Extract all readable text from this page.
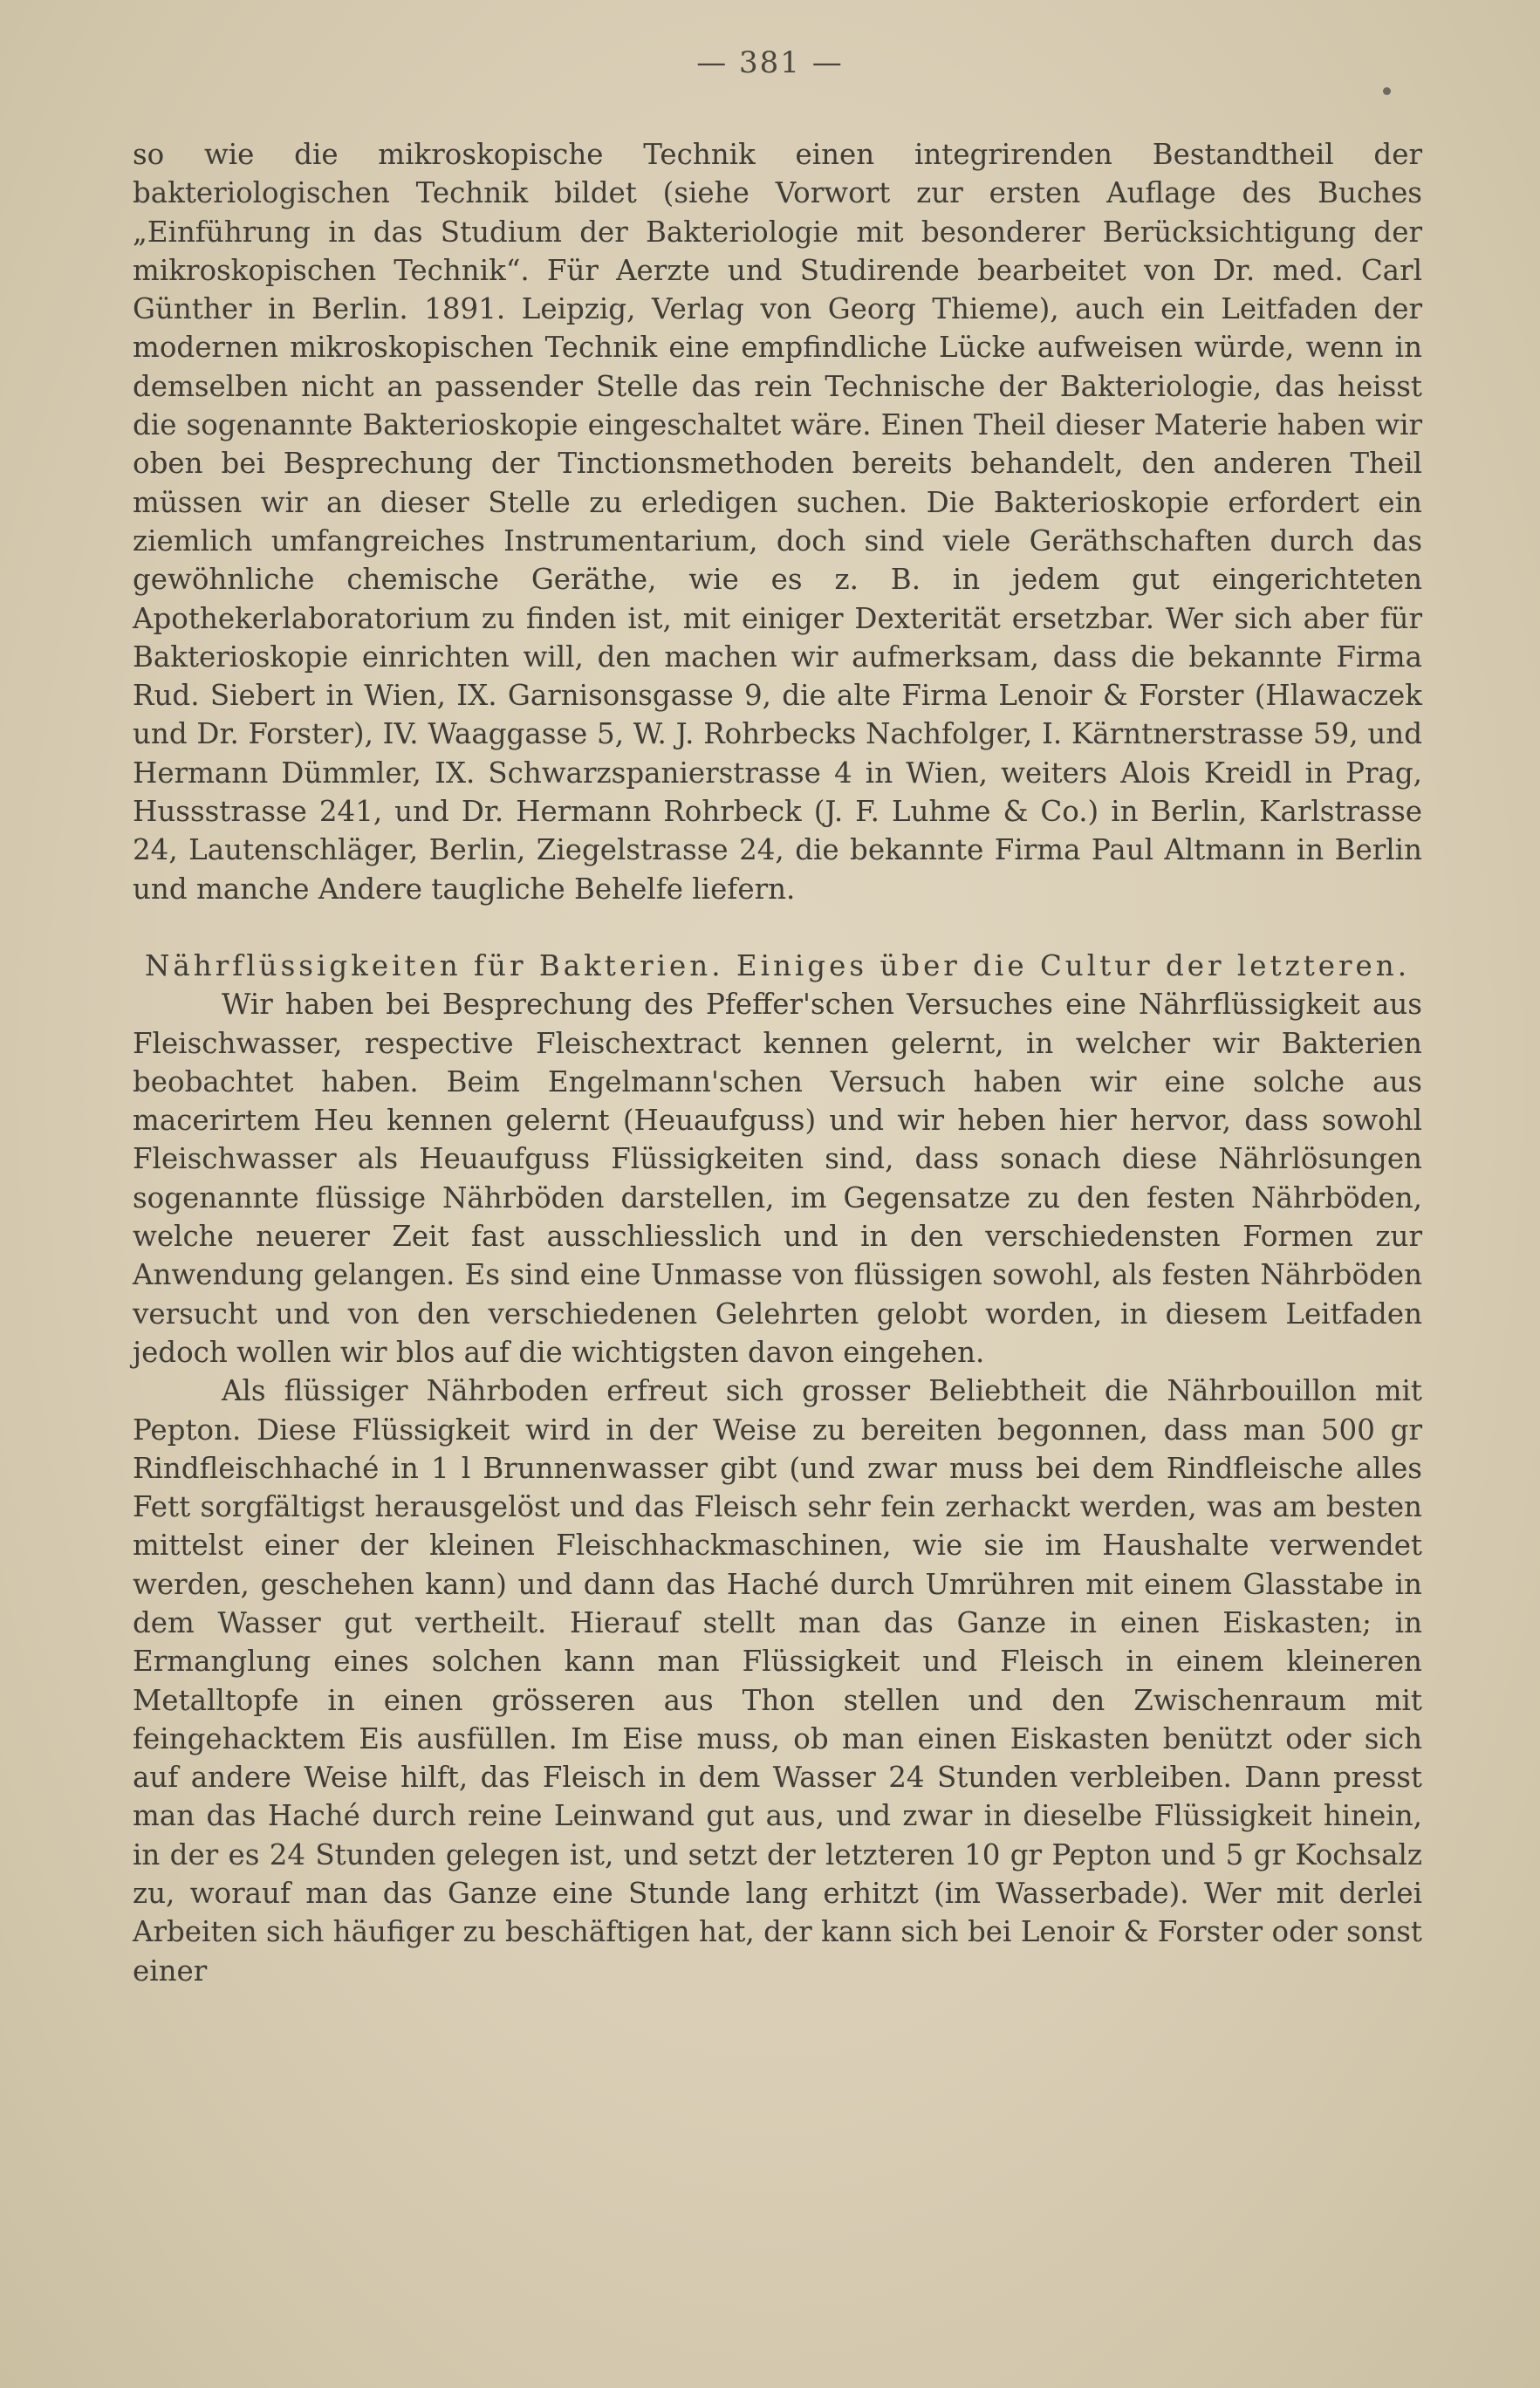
— 381 —

so wie die mikroskopische Technik einen integrirenden Bestandtheil der bakteriologischen Technik bildet (siehe Vorwort zur ersten Auflage des Buches „Einführung in das Studium der Bakteriologie mit besonderer Berücksichtigung der mikroskopischen Technik“. Für Aerzte und Studirende bearbeitet von Dr. med. Carl Günther in Berlin. 1891. Leipzig, Verlag von Georg Thieme), auch ein Leitfaden der modernen mikroskopischen Technik eine empfindliche Lücke aufweisen würde, wenn in demselben nicht an passender Stelle das rein Technische der Bakteriologie, das heisst die sogenannte Bakterioskopie eingeschaltet wäre. Einen Theil dieser Materie haben wir oben bei Besprechung der Tinctionsmethoden bereits behandelt, den anderen Theil müssen wir an dieser Stelle zu erledigen suchen. Die Bakterioskopie erfordert ein ziemlich umfangreiches Instrumentarium, doch sind viele Geräthschaften durch das gewöhnliche chemische Geräthe, wie es z. B. in jedem gut eingerichteten Apothekerlaboratorium zu finden ist, mit einiger Dexterität ersetzbar. Wer sich aber für Bakterioskopie einrichten will, den machen wir aufmerksam, dass die bekannte Firma Rud. Siebert in Wien, IX. Garnisonsgasse 9, die alte Firma Lenoir & Forster (Hlawaczek und Dr. Forster), IV. Waaggasse 5, W. J. Rohrbecks Nachfolger, I. Kärntnerstrasse 59, und Hermann Dümmler, IX. Schwarzspanierstrasse 4 in Wien, weiters Alois Kreidl in Prag, Hussstrasse 241, und Dr. Hermann Rohrbeck (J. F. Luhme & Co.) in Berlin, Karlstrasse 24, Lautenschläger, Berlin, Ziegelstrasse 24, die bekannte Firma Paul Altmann in Berlin und manche Andere taugliche Behelfe liefern.

Nährflüssigkeiten für Bakterien. Einiges über die Cultur der letzteren.

Wir haben bei Besprechung des Pfeffer'schen Versuches eine Nährflüssigkeit aus Fleischwasser, respective Fleischextract kennen gelernt, in welcher wir Bakterien beobachtet haben. Beim Engelmann'schen Versuch haben wir eine solche aus macerirtem Heu kennen gelernt (Heuaufguss) und wir heben hier hervor, dass sowohl Fleischwasser als Heuaufguss Flüssigkeiten sind, dass sonach diese Nährlösungen sogenannte flüssige Nährböden darstellen, im Gegensatze zu den festen Nährböden, welche neuerer Zeit fast ausschliesslich und in den verschiedensten Formen zur Anwendung gelangen. Es sind eine Unmasse von flüssigen sowohl, als festen Nährböden versucht und von den verschiedenen Gelehrten gelobt worden, in diesem Leitfaden jedoch wollen wir blos auf die wichtigsten davon eingehen.

Als flüssiger Nährboden erfreut sich grosser Beliebtheit die Nährbouillon mit Pepton. Diese Flüssigkeit wird in der Weise zu bereiten begonnen, dass man 500 gr Rindfleischhaché in 1 l Brunnenwasser gibt (und zwar muss bei dem Rindfleische alles Fett sorgfältigst herausgelöst und das Fleisch sehr fein zerhackt werden, was am besten mittelst einer der kleinen Fleischhackmaschinen, wie sie im Haushalte verwendet werden, geschehen kann) und dann das Haché durch Umrühren mit einem Glasstabe in dem Wasser gut vertheilt. Hierauf stellt man das Ganze in einen Eiskasten; in Ermanglung eines solchen kann man Flüssigkeit und Fleisch in einem kleineren Metalltopfe in einen grösseren aus Thon stellen und den Zwischenraum mit feingehacktem Eis ausfüllen. Im Eise muss, ob man einen Eiskasten benützt oder sich auf andere Weise hilft, das Fleisch in dem Wasser 24 Stunden verbleiben. Dann presst man das Haché durch reine Leinwand gut aus, und zwar in dieselbe Flüssigkeit hinein, in der es 24 Stunden gelegen ist, und setzt der letzteren 10 gr Pepton und 5 gr Kochsalz zu, worauf man das Ganze eine Stunde lang erhitzt (im Wasserbade). Wer mit derlei Arbeiten sich häufiger zu beschäftigen hat, der kann sich bei Lenoir & Forster oder sonst einer
